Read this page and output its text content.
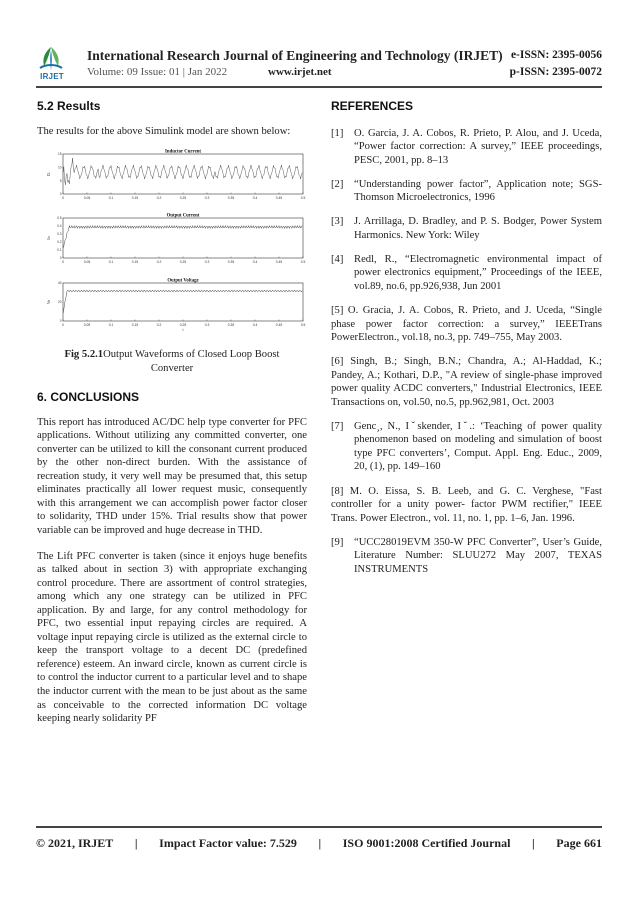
IRJET
International Research Journal of Engineering and Technology (IRJET) e-ISSN: 2395-0056
Volume: 09 Issue: 01 | Jan 2022	www.irjet.net	p-ISSN: 2395-0072
5.2 Results

The results for the above Simulink model are shown below:

Inductor Current
IL
0	0.05	0.1	0.15	0.2	0.25	0.3	0.35	0.4	0.45	0.5
15
10
5
0
Output Current
Io
0	0.05	0.1	0.15	0.2	0.25	0.3	0.35	0.4	0.45	0.5
0.5
0.4
0.3
0.2
0.1
0
Output Voltage
Vo
0	0.05	0.1	0.15	0.2	0.25	0.3	0.35	0.4	0.45	0.5
40
20
0
t

Fig 5.2.1Output Waveforms of Closed Loop Boost Converter

6. CONCLUSIONS

This report has introduced AC/DC help type converter for PFC applications. Without utilizing any committed converter, one converter can be utilized to kill the consonant current produced by the other non-direct burden. With the assistance of recreation study, it very well may be presumed that, this setup eliminates practically all lower request music, consequently with this arrangement we can accomplish power factor closer to solidarity, THD under 15%. Trial results show that power variable can be improved and huge decrease in THD.

The Lift PFC converter is taken (since it enjoys huge benefits as talked about in section 3) with appropriate exchanging control procedure. There are assortment of control strategies, among which any one strategy can be utilized in PFC application. By and large, for any control methodology for PFC, two essential input repaying circles are required. A voltage input repaying circle is utilized as the external circle to keep the transport voltage to a decent DC (predefined reference) esteem. An inward circle, known as current circle is to control the inductor current to a particular level and to shape the inductor current with the mean to be just about as the same as conceivable to the corrected information DC voltage keeping nearly solidarity PF

REFERENCES
[1] O. Garcia, J. A. Cobos, R. Prieto, P. Alou, and J. Uceda, “Power factor correction: A survey,” IEEE proceedings, PESC, 2001, pp. 8–13
[2] “Understanding power factor”, Application note; SGS-Thomson Microelectronics, 1996
[3] J. Arrillaga, D. Bradley, and P. S. Bodger, Power System Harmonics. New York: Wiley
[4] Redl, R., “Electromagnetic environmental impact of power electronics equipment,” Proceedings of the IEEE, vol.89, no.6, pp.926,938, Jun 2001
[5] O. Gracia, J. A. Cobos, R. Prieto, and J. Uceda, “Single phase power factor correction: a survey,” IEEETrans PowerElectron., vol.18, no.3, pp. 749–755, May 2003.
[6] Singh, B.; Singh, B.N.; Chandra, A.; Al-Haddad, K.; Pandey, A.; Kothari, D.P., "A review of single-phase improved power quality ACDC converters," Industrial Electronics, IEEE Transactions on, vol.50, no.5, pp.962,981, Oct. 2003
[7] Genc¸, N., Iˇskender, Iˇ.: ‘Teaching of power quality phenomenon based on modeling and simulation of boost type PFC converters’, Comput. Appl. Eng. Educ., 2009, 20, (1), pp. 149–160
[8] M. O. Eissa, S. B. Leeb, and G. C. Verghese, "Fast controller for a unity power- factor PWM rectifier," IEEE Trans. Power Electron., vol. 11, no. 1, pp. 1–6, Jan. 1996.
[9] “UCC28019EVM 350-W PFC Converter”, User’s Guide, Literature Number: SLUU272 May 2007, TEXAS INSTRUMENTS
© 2021, IRJET | Impact Factor value: 7.529 | ISO 9001:2008 Certified Journal | Page 661
